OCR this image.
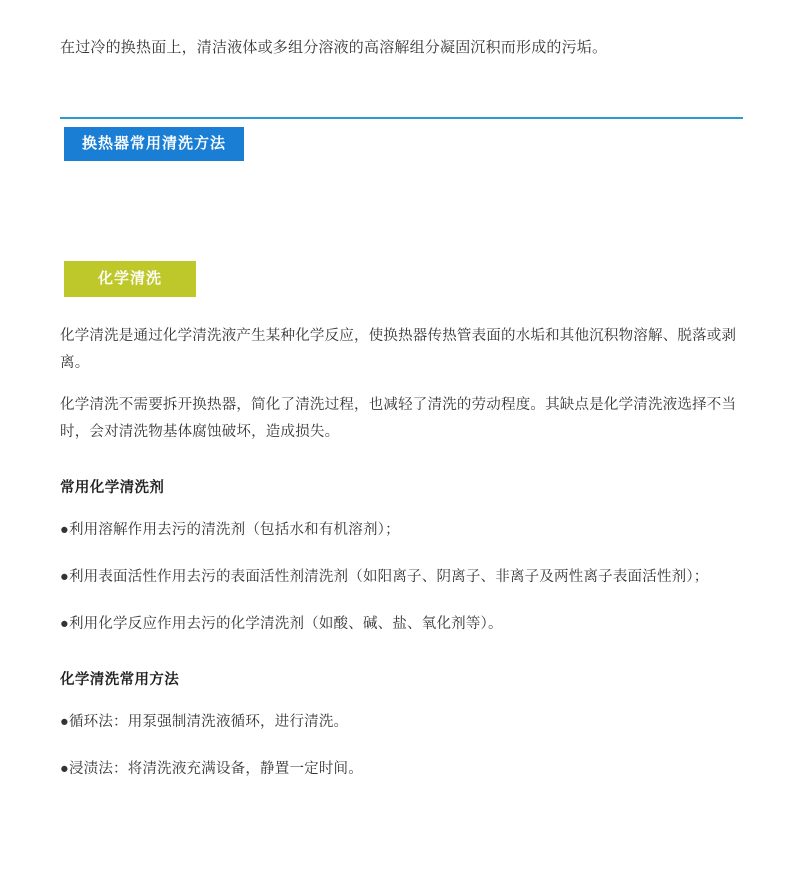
在过冷的换热面上，清洁液体或多组分溶液的高溶解组分凝固沉积而形成的污垢。

换热器常用清洗方法
化学清洗

化学清洗是通过化学清洗液产生某种化学反应，使换热器传热管表面的水垢和其他沉积物溶解、脱落或剥离。

化学清洗不需要拆开换热器，简化了清洗过程，也减轻了清洗的劳动程度。其缺点是化学清洗液选择不当时，会对清洗物基体腐蚀破坏，造成损失。

常用化学清洗剂

●利用溶解作用去污的清洗剂（包括水和有机溶剂）；

●利用表面活性作用去污的表面活性剂清洗剂（如阳离子、阴离子、非离子及两性离子表面活性剂）；

●利用化学反应作用去污的化学清洗剂（如酸、碱、盐、氧化剂等）。

化学清洗常用方法

●循环法：用泵强制清洗液循环，进行清洗。

●浸渍法：将清洗液充满设备，静置一定时间。
